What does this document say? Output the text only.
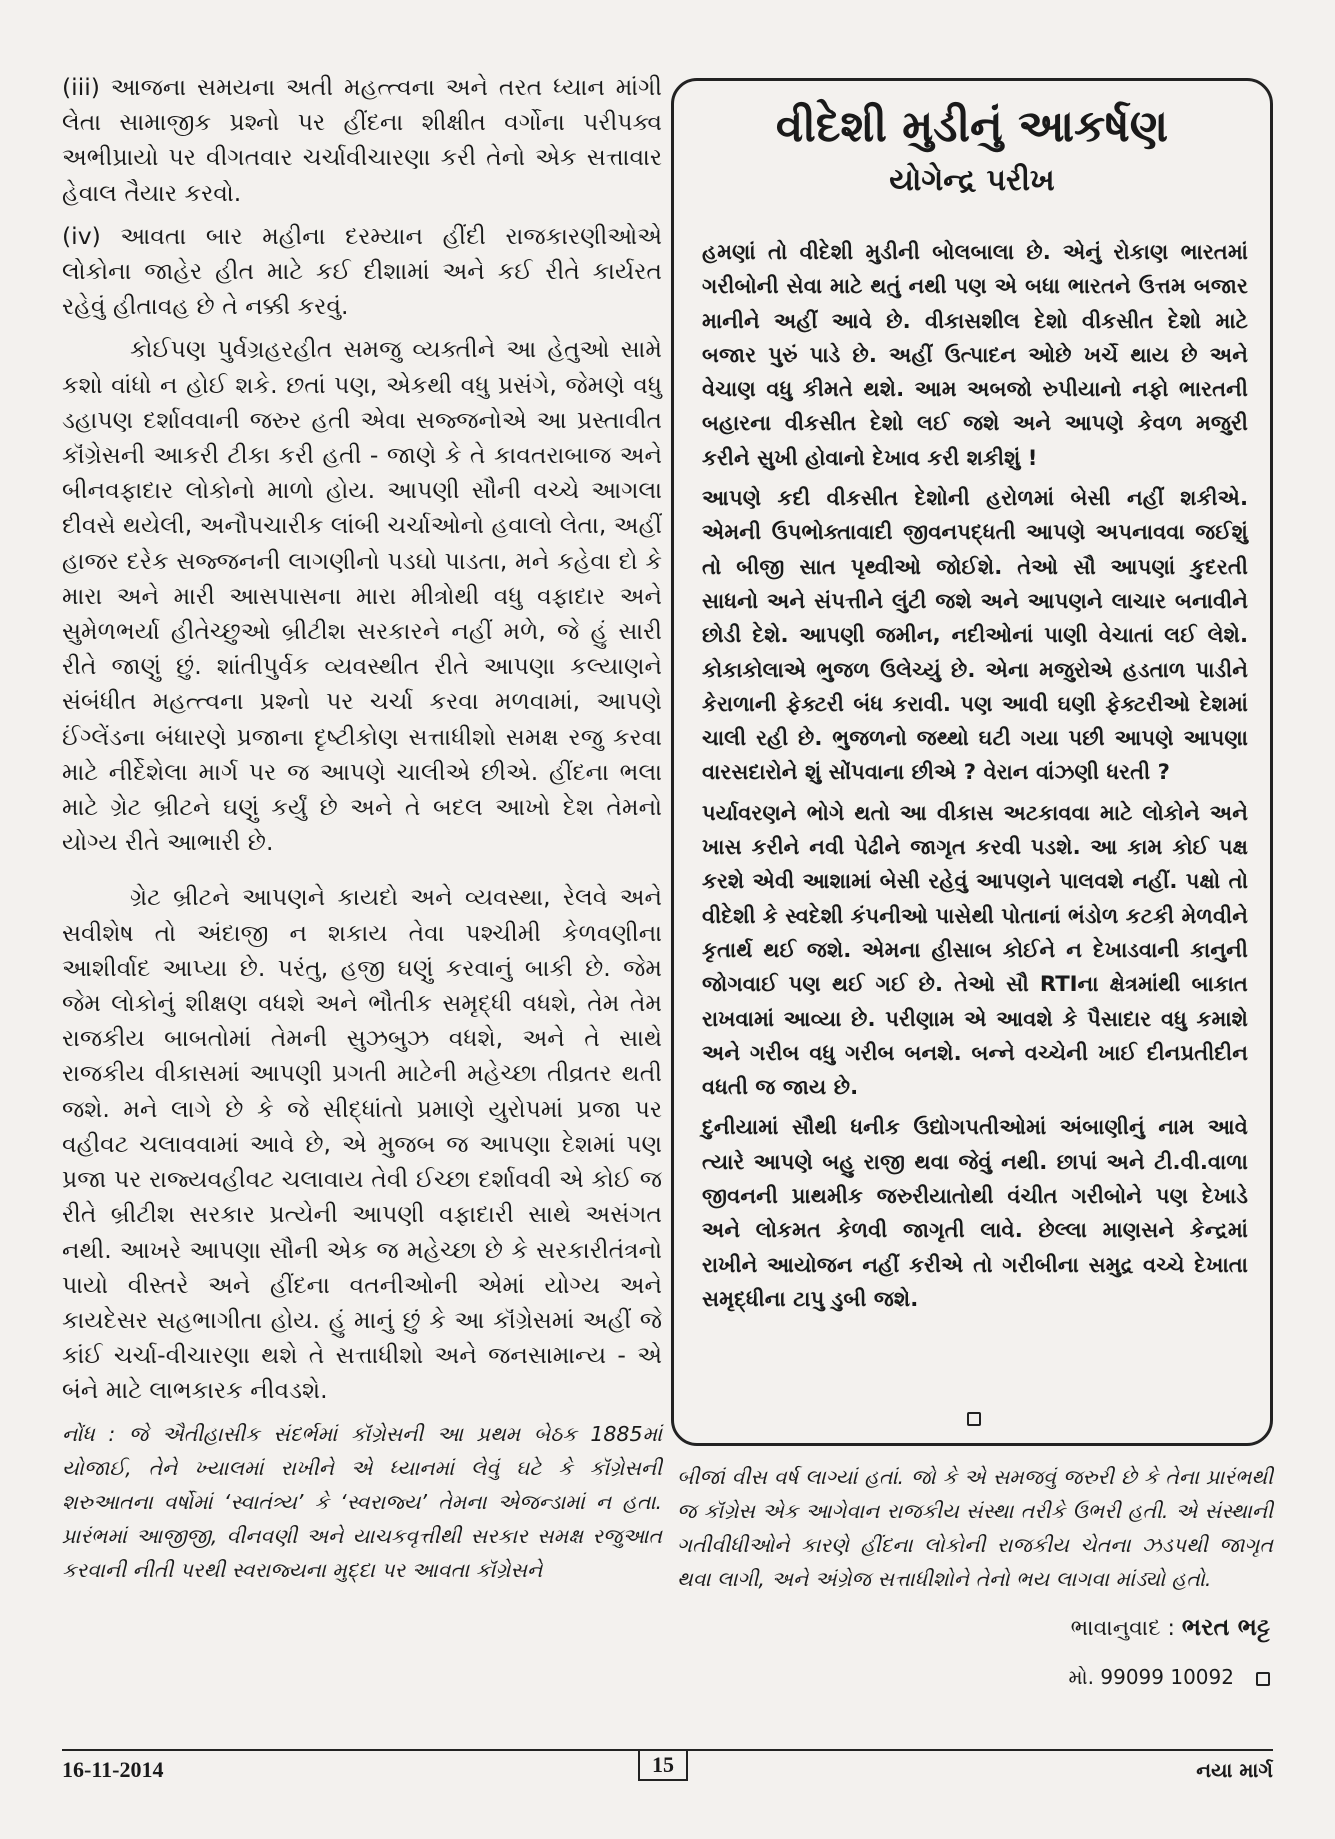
(iii) આજના સમયના અતી મહત્ત્વના અને તરત ધ્યાન માંગી લેતા સામાજીક પ્રશ્નો પર હીંદના શીક્ષીત વર્ગોના પરીપક્વ અભીપ્રાયો પર વીગતવાર ચર્ચાવીચારણા કરી તેનો એક સત્તાવાર હેવાલ તૈયાર કરવો.

(iv) આવતા બાર મહીના દરમ્યાન હીંદી રાજકારણીઓએ લોકોના જાહેર હીત માટે કઈ દીશામાં અને કઈ રીતે કાર્યરત રહેવું હીતાવહ છે તે નક્કી કરવું.

કોઈપણ પુર્વગ્રહરહીત સમજુ વ્યક્તીને આ હેતુઓ સામે કશો વાંધો ન હોઈ શકે. છતાં પણ, એકથી વધુ પ્રસંગે, જેમણે વધુ ડહાપણ દર્શાવવાની જરુર હતી એવા સજ્જનોએ આ પ્રસ્તાવીત કૉંગ્રેસની આકરી ટીકા કરી હતી - જાણે કે તે કાવતરાબાજ અને બીનવફાદાર લોકોનો માળો હોય. આપણી સૌની વચ્ચે આગલા દીવસે થયેલી, અનૌપચારીક લાંબી ચર્ચાઓનો હવાલો લેતા, અહીં હાજર દરેક સજ્જનની લાગણીનો પડઘો પાડતા, મને કહેવા દો કે મારા અને મારી આસપાસના મારા મીત્રોથી વધુ વફાદાર અને સુમેળભર્યા હીતેચ્છુઓ બ્રીટીશ સરકારને નહીં મળે, જે હું સારી રીતે જાણું છું. શાંતીપુર્વક વ્યવસ્થીત રીતે આપણા કલ્યાણને સંબંધીત મહત્ત્વના પ્રશ્નો પર ચર્ચા કરવા મળવામાં, આપણે ઈંગ્લેંડના બંધારણે પ્રજાના દૃષ્ટીકોણ સત્તાધીશો સમક્ષ રજુ કરવા માટે નીર્દેશેલા માર્ગ પર જ આપણે ચાલીએ છીએ. હીંદના ભલા માટે ગ્રેટ બ્રીટને ઘણું કર્યું છે અને તે બદલ આખો દેશ તેમનો યોગ્ય રીતે આભારી છે.

ગ્રેટ બ્રીટને આપણને કાયદો અને વ્યવસ્થા, રેલવે અને સવીશેષ તો અંદાજી ન શકાય તેવા પશ્ચીમી કેળવણીના આશીર્વાદ આપ્યા છે. પરંતુ, હજી ઘણું કરવાનું બાકી છે. જેમ જેમ લોકોનું શીક્ષણ વધશે અને ભૌતીક સમૃદ્ધી વધશે, તેમ તેમ રાજકીય બાબતોમાં તેમની સુઝબુઝ વધશે, અને તે સાથે રાજકીય વીકાસમાં આપણી પ્રગતી માટેની મહેચ્છા તીવ્રતર થતી જશે. મને લાગે છે કે જે સીદ્ધાંતો પ્રમાણે યુરોપમાં પ્રજા પર વહીવટ ચલાવવામાં આવે છે, એ મુજબ જ આપણા દેશમાં પણ પ્રજા પર રાજ્યવહીવટ ચલાવાય તેવી ઈચ્છા દર્શાવવી એ કોઈ જ રીતે બ્રીટીશ સરકાર પ્રત્યેની આપણી વફાદારી સાથે અસંગત નથી. આખરે આપણા સૌની એક જ મહેચ્છા છે કે સરકારીતંત્રનો પાયો વીસ્તરે અને હીંદના વતનીઓની એમાં યોગ્ય અને કાયદેસર સહભાગીતા હોય. હું માનું છું કે આ કૉંગ્રેસમાં અહીં જે કાંઈ ચર્ચા-વીચારણા થશે તે સત્તાધીશો અને જનસામાન્ય - એ બંને માટે લાભકારક નીવડશે.

નોંધ : જે ઐતીહાસીક સંદર્ભમાં કૉંગ્રેસની આ પ્રથમ બેઠક 1885માં યોજાઈ, તેને ખ્યાલમાં રાખીને એ ધ્યાનમાં લેવું ઘટે કે કૉંગ્રેસની શરુઆતના વર્ષોમાં ‘સ્વાતંત્ર્ય’ કે ‘સ્વરાજ્ય’ તેમના એજન્ડામાં ન હતા. પ્રારંભમાં આજીજી, વીનવણી અને યાચકવૃત્તીથી સરકાર સમક્ષ રજુઆત કરવાની નીતી પરથી સ્વરાજ્યના મુદ્દા પર આવતા કૉંગ્રેસને

વીદેશી મુડીનું આકર્ષણ
યોગેન્દ્ર પરીખ

હમણાં તો વીદેશી મુડીની બોલબાલા છે. એનું રોકાણ ભારતમાં ગરીબોની સેવા માટે થતું નથી પણ એ બધા ભારતને ઉત્તમ બજાર માનીને અહીં આવે છે. વીકાસશીલ દેશો વીકસીત દેશો માટે બજાર પુરું પાડે છે. અહીં ઉત્પાદન ઓછે ખર્ચે થાય છે અને વેચાણ વધુ કીમતે થશે. આમ અબજો રુપીયાનો નફો ભારતની બહારના વીકસીત દેશો લઈ જશે અને આપણે કેવળ મજુરી કરીને સુખી હોવાનો દેખાવ કરી શકીશું !

આપણે કદી વીકસીત દેશોની હરોળમાં બેસી નહીં શકીએ. એમની ઉપભોક્તાવાદી જીવનપદ્ધતી આપણે અપનાવવા જઈશું તો બીજી સાત પૃથ્વીઓ જોઈશે. તેઓ સૌ આપણાં કુદરતી સાધનો અને સંપત્તીને લુંટી જશે અને આપણને લાચાર બનાવીને છોડી દેશે. આપણી જમીન, નદીઓનાં પાણી વેચાતાં લઈ લેશે. કોકાકોલાએ ભુજળ ઉલેચ્યું છે. એના મજુરોએ હડતાળ પાડીને કેરાળાની ફેક્ટરી બંધ કરાવી. પણ આવી ઘણી ફેક્ટરીઓ દેશમાં ચાલી રહી છે. ભુજળનો જથ્થો ઘટી ગયા પછી આપણે આપણા વારસદારોને શું સોંપવાના છીએ ? વેરાન વાંઝણી ધરતી ?

પર્યાવરણને ભોગે થતો આ વીકાસ અટકાવવા માટે લોકોને અને ખાસ કરીને નવી પેઢીને જાગૃત કરવી પડશે. આ કામ કોઈ પક્ષ કરશે એવી આશામાં બેસી રહેવું આપણને પાલવશે નહીં. પક્ષો તો વીદેશી કે સ્વદેશી કંપનીઓ પાસેથી પોતાનાં ભંડોળ કટકી મેળવીને કૃતાર્થ થઈ જશે. એમના હીસાબ કોઈને ન દેખાડવાની કાનુની જોગવાઈ પણ થઈ ગઈ છે. તેઓ સૌ RTIના ક્ષેત્રમાંથી બાકાત રાખવામાં આવ્યા છે. પરીણામ એ આવશે કે પૈસાદાર વધુ કમાશે અને ગરીબ વધુ ગરીબ બનશે. બન્ને વચ્ચેની ખાઈ દીનપ્રતીદીન વધતી જ જાય છે.

દુનીયામાં સૌથી ધનીક ઉદ્યોગપતીઓમાં અંબાણીનું નામ આવે ત્યારે આપણે બહુ રાજી થવા જેવું નથી. છાપાં અને ટી.વી.વાળા જીવનની પ્રાથમીક જરુરીયાતોથી વંચીત ગરીબોને પણ દેખાડે અને લોકમત કેળવી જાગૃતી લાવે. છેલ્લા માણસને કેન્દ્રમાં રાખીને આયોજન નહીં કરીએ તો ગરીબીના સમુદ્ર વચ્ચે દેખાતા સમૃદ્ધીના ટાપુ ડુબી જશે.

બીજાં વીસ વર્ષ લાગ્યાં હતાં. જો કે એ સમજવું જરુરી છે કે તેના પ્રારંભથી જ કૉંગ્રેસ એક આગેવાન રાજકીય સંસ્થા તરીકે ઉભરી હતી. એ સંસ્થાની ગતીવીધીઓને કારણે હીંદના લોકોની રાજકીય ચેતના ઝડપથી જાગૃત થવા લાગી, અને અંગ્રેજ સત્તાધીશોને તેનો ભય લાગવા માંડ્યો હતો.

ભાવાનુવાદ : ભરત ભટ્ટ
મો. 99099 10092
16-11-2014	15	નયા માર્ગ
